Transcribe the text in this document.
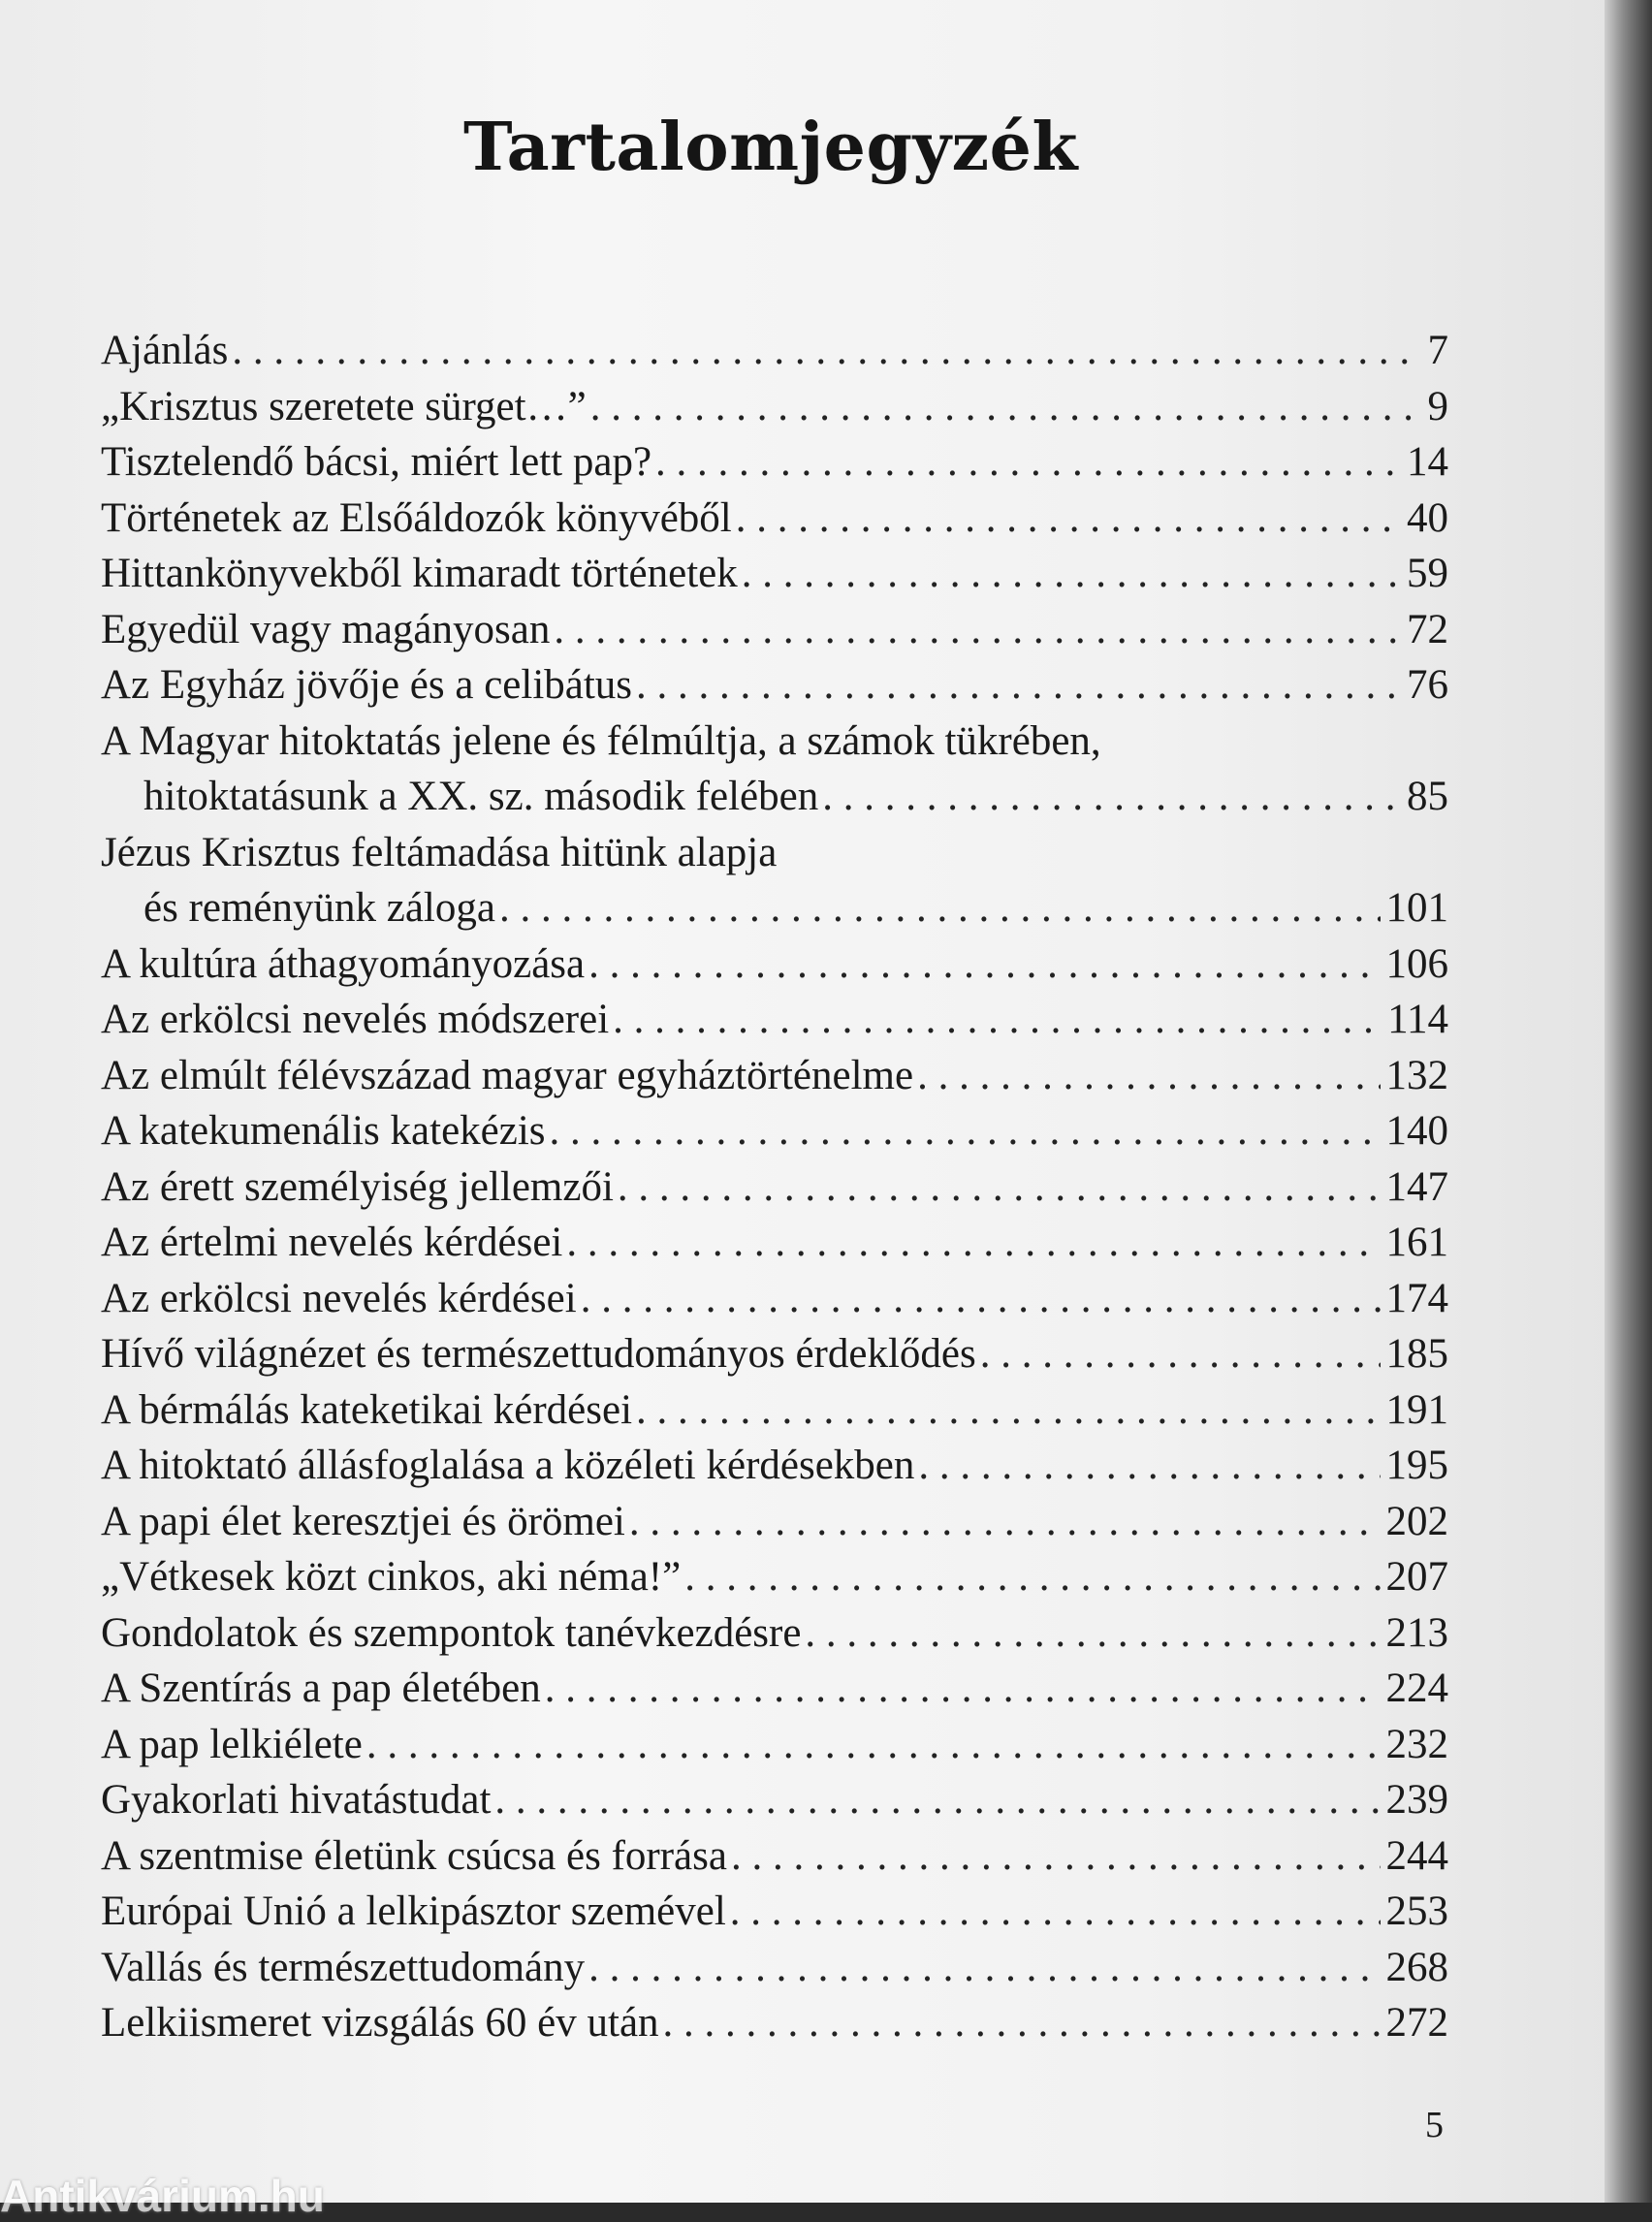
Tartalomjegyzék
Ajánlás . . .	7
„Krisztus szeretete sürget…” . . .	9
Tisztelendő bácsi, miért lett pap? . . .	14
Történetek az Elsőáldozók könyvéből . . .	40
Hittankönyvekből kimaradt történetek . . .	59
Egyedül vagy magányosan . . .	72
Az Egyház jövője és a celibátus . . .	76
A Magyar hitoktatás jelene és félmúltja, a számok tükrében,
hitoktatásunk a XX. sz. második felében . . .	85
Jézus Krisztus feltámadása hitünk alapja
és reményünk záloga . . .	101
A kultúra áthagyományozása . . .	106
Az erkölcsi nevelés módszerei . . .	114
Az elmúlt félévszázad magyar egyháztörténelme . . .	132
A katekumenális katekézis . . .	140
Az érett személyiség jellemzői . . .	147
Az értelmi nevelés kérdései . . .	161
Az erkölcsi nevelés kérdései . . .	174
Hívő világnézet és természettudományos érdeklődés . . .	185
A bérmálás kateketikai kérdései . . .	191
A hitoktató állásfoglalása a közéleti kérdésekben . . .	195
A papi élet keresztjei és örömei . . .	202
„Vétkesek közt cinkos, aki néma!” . . .	207
Gondolatok és szempontok tanévkezdésre . . .	213
A Szentírás a pap életében . . .	224
A pap lelkiélete . . .	232
Gyakorlati hivatástudat . . .	239
A szentmise életünk csúcsa és forrása . . .	244
Európai Unió a lelkipásztor szemével . . .	253
Vallás és természettudomány . . .	268
Lelkiismeret vizsgálás 60 év után . . .	272
5
Antikvárium.hu
